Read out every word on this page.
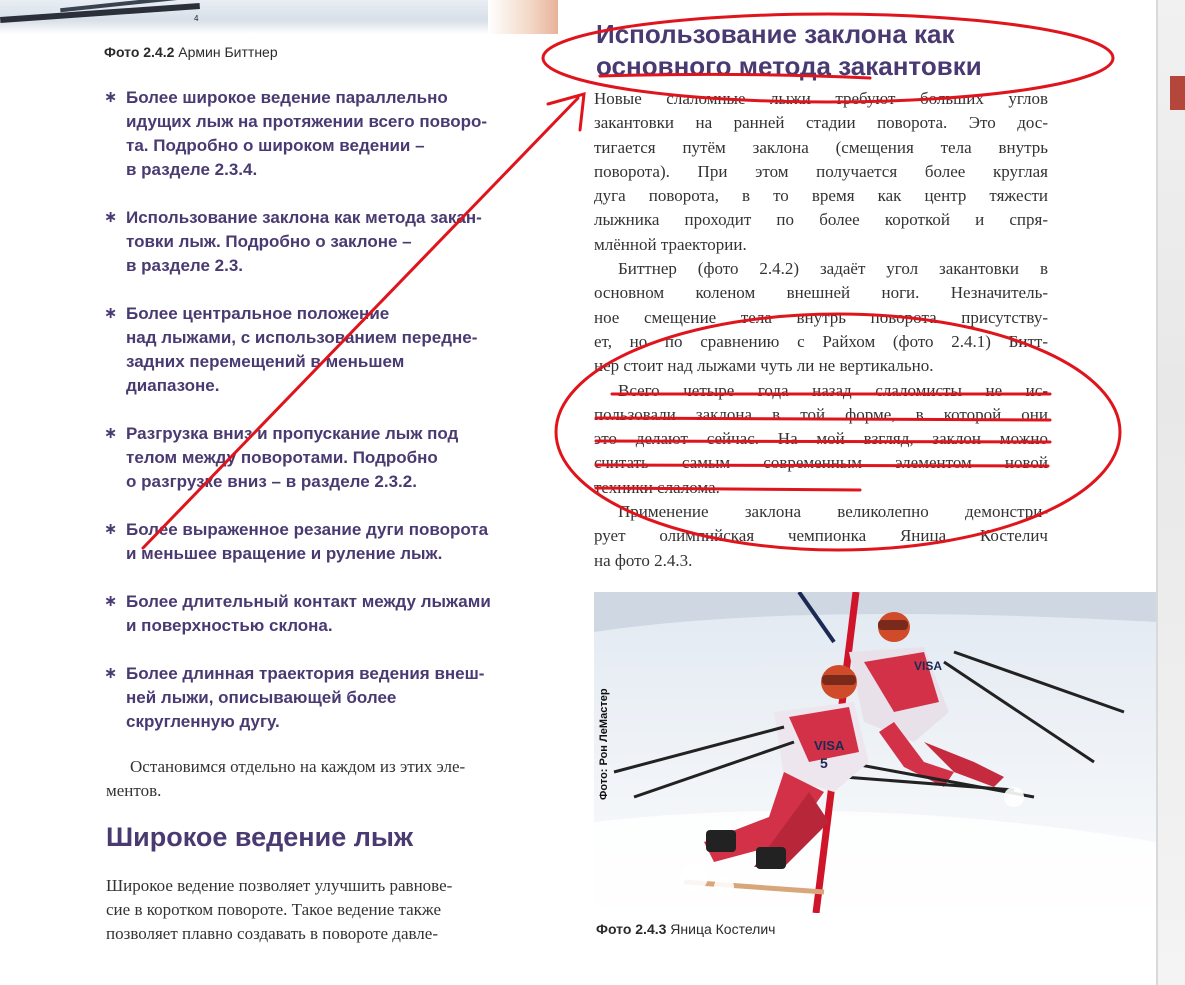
4
Фото 2.4.2 Армин Биттнер
∗ Более широкое ведение параллельно
идущих лыж на протяжении всего поворо-
та. Подробно о широком ведении –
в разделе 2.3.4.
∗ Использование заклона как метода закан-
товки лыж. Подробно о заклоне –
в разделе 2.3.
∗ Более центральное положение
над лыжами, с использованием передне-
задних перемещений в меньшем
диапазоне.
∗ Разгрузка вниз и пропускание лыж под
телом между поворотами. Подробно
о разгрузке вниз – в разделе 2.3.2.
∗ Более выраженное резание дуги поворота
и меньшее вращение и руление лыж.
∗ Более длительный контакт между лыжами
и поверхностью склона.
∗ Более длинная траектория ведения внеш-
ней лыжи, описывающей более
скругленную дугу.
Остановимся отдельно на каждом из этих эле-
ментов.
Широкое ведение лыж
Широкое ведение позволяет улучшить равнове-
сие в коротком повороте. Такое ведение также
позволяет плавно создавать в повороте давле-
Использование заклона как
основного метода закантовки
Новые слаломные лыжи требуют больших углов
закантовки на ранней стадии поворота. Это дос-
тигается путём заклона (смещения тела внутрь
поворота). При этом получается более круглая
дуга поворота, в то время как центр тяжести
лыжника проходит по более короткой и спря-
млённой траектории.
Биттнер (фото 2.4.2) задаёт угол закантовки в
основном коленом внешней ноги. Незначитель-
ное смещение тела внутрь поворота присутству-
ет, но по сравнению с Райхом (фото 2.4.1) Битт-
нер стоит над лыжами чуть ли не вертикально.
Всего четыре года назад слаломисты не ис-
пользовали заклона в той форме, в которой они
это делают сейчас. На мой взгляд, заклон можно
считать самым современным элементом новой
техники слалома.
Применение заклона великолепно демонстри-
рует олимпийская чемпионка Яница Костелич
на фото 2.4.3.
VISA
5
VISA
Фото: Рон ЛеМастер
Фото 2.4.3 Яница Костелич
